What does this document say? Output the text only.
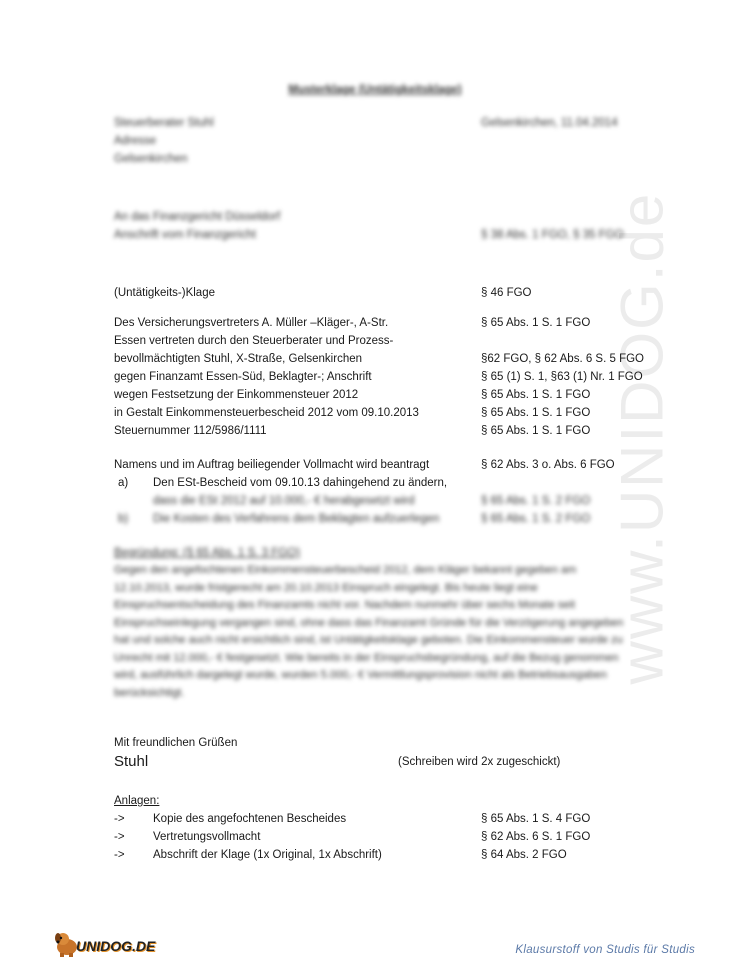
www.UNIDOG.de
Musterklage (Untätigkeitsklage)
Steuerberater Stuhl
Adresse
Gelsenkirchen
Gelsenkirchen, 11.04.2014
An das Finanzgericht Düsseldorf
Anschrift vom Finanzgericht	§ 38 Abs. 1 FGO, § 35 FGO
(Untätigkeits-)Klage	§ 46 FGO
Des Versicherungsvertreters A. Müller –Kläger-, A-Str.	§ 65 Abs. 1 S. 1 FGO
Essen vertreten durch den Steuerberater und Prozess-
bevollmächtigten Stuhl, X-Straße, Gelsenkirchen	§62 FGO, § 62 Abs. 6 S. 5 FGO
gegen Finanzamt Essen-Süd, Beklagter-; Anschrift	§ 65 (1) S. 1, §63 (1) Nr. 1 FGO
wegen Festsetzung der Einkommensteuer 2012	§ 65 Abs. 1 S. 1 FGO
in Gestalt Einkommensteuerbescheid 2012 vom 09.10.2013	§ 65 Abs. 1 S. 1 FGO
Steuernummer 112/5986/1111	§ 65 Abs. 1 S. 1 FGO
Namens und im Auftrag beiliegender Vollmacht wird beantragt	§ 62 Abs. 3 o. Abs. 6 FGO
a) Den ESt-Bescheid vom 09.10.13 dahingehend zu ändern,
dass die ESt 2012 auf 10.000,- € herabgesetzt wird	§ 65 Abs. 1 S. 2 FGO
b) Die Kosten des Verfahrens dem Beklagten aufzuerlegen	§ 65 Abs. 1 S. 2 FGO
Begründung: (§ 65 Abs. 1 S. 3 FGO)
Gegen den angefochtenen Einkommensteuerbescheid 2012, dem Kläger bekannt gegeben am 12.10.2013, wurde fristgerecht am 20.10.2013 Einspruch eingelegt. Bis heute liegt eine Einspruchsentscheidung des Finanzamts nicht vor. Nachdem nunmehr über sechs Monate seit Einspruchseinlegung vergangen sind, ohne dass das Finanzamt Gründe für die Verzögerung angegeben hat und solche auch nicht ersichtlich sind, ist Untätigkeitsklage geboten. Die Einkommensteuer wurde zu Unrecht mit 12.000,- € festgesetzt. Wie bereits in der Einspruchsbegründung, auf die Bezug genommen wird, ausführlich dargelegt wurde, wurden 5.000,- € Vermittlungsprovision nicht als Betriebsausgaben berücksichtigt.
Mit freundlichen Grüßen
Stuhl	(Schreiben wird 2x zugeschickt)
Anlagen:
-> Kopie des angefochtenen Bescheides	§ 65 Abs. 1 S. 4 FGO
-> Vertretungsvollmacht	§ 62 Abs. 6 S. 1 FGO
-> Abschrift der Klage (1x Original, 1x Abschrift)	§ 64 Abs. 2 FGO
UNIDOG.DE	Klausurstoff von Studis für Studis
